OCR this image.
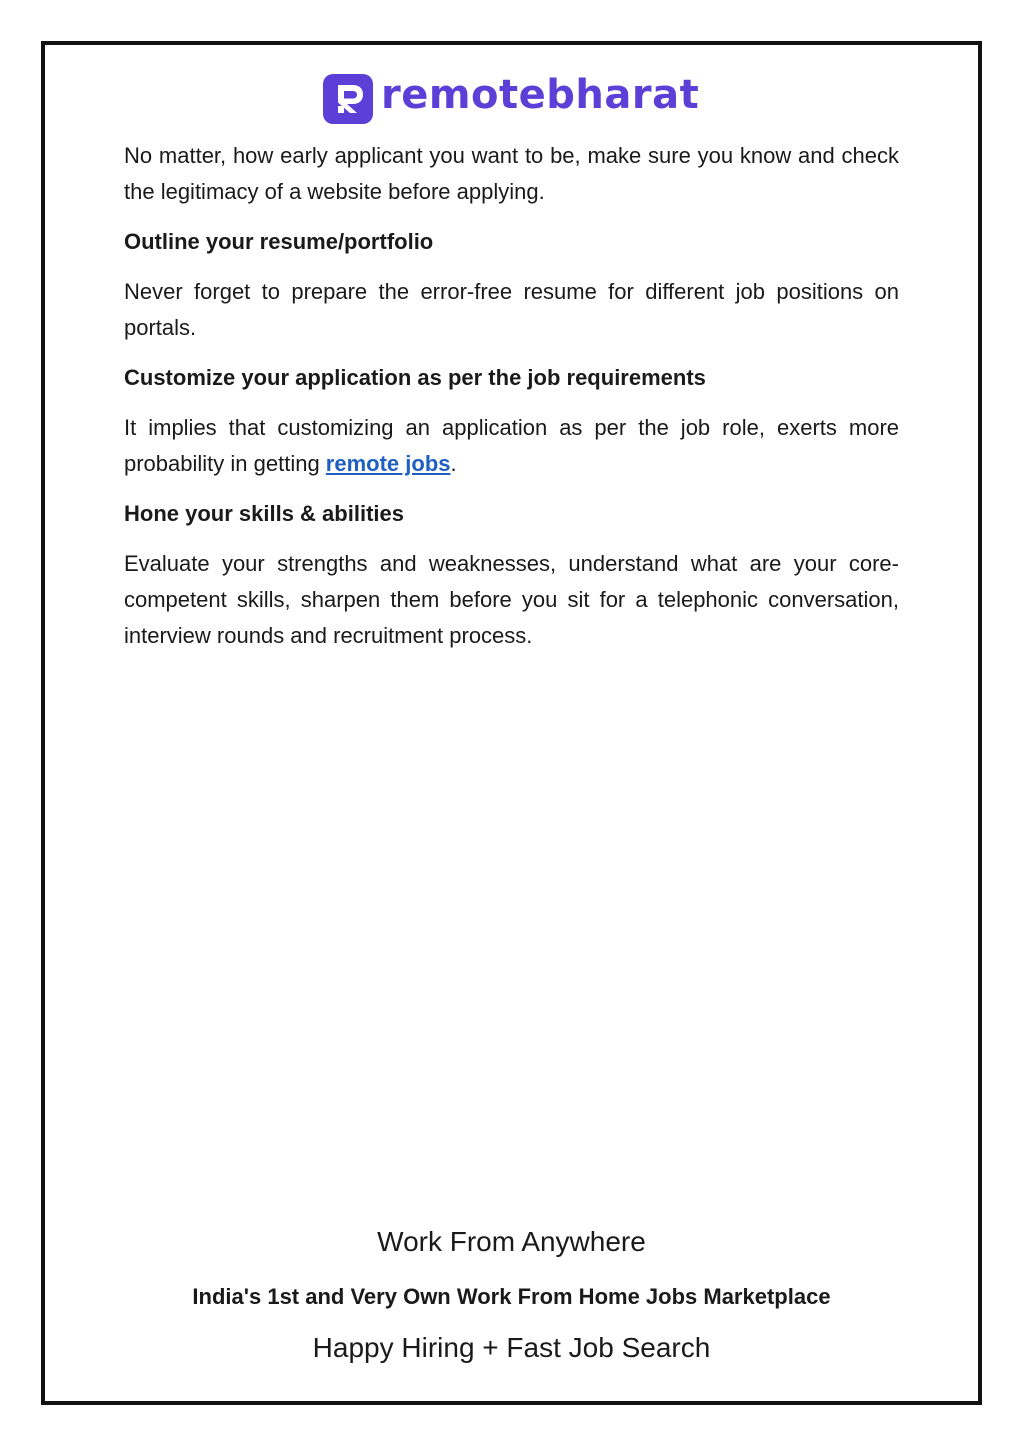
remotebharat

No matter, how early applicant you want to be, make sure you know and check the legitimacy of a website before applying.

Outline your resume/portfolio

Never forget to prepare the error-free resume for different job positions on portals.

Customize your application as per the job requirements

It implies that customizing an application as per the job role, exerts more probability in getting remote jobs.

Hone your skills & abilities

Evaluate your strengths and weaknesses, understand what are your core-competent skills, sharpen them before you sit for a telephonic conversation, interview rounds and recruitment process.

Work From Anywhere
India's 1st and Very Own Work From Home Jobs Marketplace
Happy Hiring + Fast Job Search
